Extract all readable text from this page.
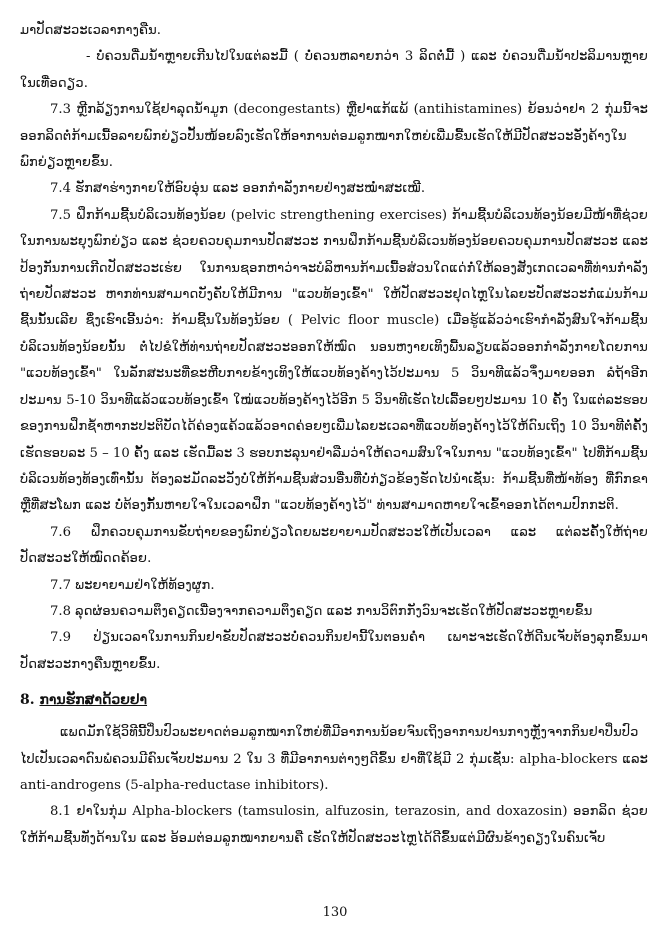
ມາປັດສະວະເວລາກາງຄືນ.

- ບໍ່ຄວນດື່ມນໍ້າຫຼາຍເກີນໄປໃນແຕ່ລະມື້ ( ບໍ່ຄວນຫລາຍກວ່າ 3 ລິດຕໍ່ມື້ ) ແລະ ບໍ່ຄວນດື່ມນໍ້າປະລິມານຫຼາຍໃນເທື່ອດຽວ.

7.3 ຫຼີກລ້ຽງການໃຊ້ຢາລຸດນໍ້າມູກ (decongestants) ຫຼືຢາແກ້ແພ້ (antihistamines) ຍ້ອນວ່າຢາ 2 ກຸ່ມນີ້ຈະອອກລິດຕໍ່ກ້າມເນື້ອລາຍພົກຍ່ຽວປັ້ນໜ້ອຍລົງເຮັດໃຫ້ອາການຕ່ອມລູກໝາກໃຫຍ່ເພີ່ມຂື້ນເຮັດໃຫ້ມີປັດສະວະອັ່ງຄ້າງໃນພົກຍ່ຽວຫຼາຍຂຶ້ນ.

7.4 ຮັກສາຮ່າງກາຍໃຫ້ອົບອຸ່ນ ແລະ ອອກກຳລັງກາຍຢ່າງສະໝໍ່າສະເໝີ.

7.5 ຝຶກກ້າມຊີ້ນບໍລິເວນທ້ອງນ້ອຍ (pelvic strengthening exercises) ກ້າມຊີ້ນບໍລິເວນທ້ອງນ້ອຍມີໜ້າທີ່ຊ່ວຍໃນການພະຍຸງພົກຍ່ຽວ ແລະ ຊ່ວຍຄວບຄຸມການປັດສະວະ ການຝຶກກ້າມຊີ້ນບໍລິເວນທ້ອງນ້ອຍຄວບຄຸມການປັດສະວະ ແລະ ປ້ອງກັນການເກີດປັດສະວະເຮ່ຍ ໃນການຊອກຫາວ່າຈະບໍລິຫານກ້າມເນື້ອສ່ວນໃດແດ່ກໍ່ໃຫ້ລອງສັງເກດເວລາທີ່ທ່ານກຳລັງຖ່າຍປັດສະວະ ຫາກທ່ານສາມາດບັງຄັບໃຫ້ມີການ "ແວບທ້ອງເຂົ້າ" ໃຫ້ປັດສະວະຢຸດໄຫຼໃນໄລຍະປັດສະວະກໍ່ແມ່ນກ້າມຊີ້ນນັ້ນເລີຍ ຊຶ່ງເຮົາເອີ້ນວ່າ: ກ້າມຊີ້ນໃນທ້ອງນ້ອຍ ( Pelvic floor muscle) ເມື່ອຮູ້ແລ້ວວ່າເຮົາກຳລັງສົນໃຈກ້າມຊີ້ນບໍລິເວນທ້ອງນ້ອຍນັ້ນ ຕໍ່ໄປຂໍໃຫ້ທ່ານຖ່າຍປັດສະວະອອກໃຫ້ໝົດ ນອນຫງາຍເທິງພື້ນລຽບແລ້ວອອກກຳລັງກາຍໂດຍການ "ແວບທ້ອງເຂົ້າ" ໃນລັກສະນະທີ່ຂະຫີບກາຍຂ້າງເທິງໃຫ້ແວບທ້ອງຄ້າງໄວ້ປະມານ 5 ວິນາທີແລ້ວຈຶ່ງມາຍອອກ ລໍຖ້າອີກປະມານ 5-10 ວິນາທີແລ້ວແວບທ້ອງເຂົ້າ ໃໝ່ແວບທ້ອງຄ້າງໄວ້ອີກ 5 ວິນາທີເຮັດໄປເລື້ອຍໆປະມານ 10 ຄັ້ງ ໃນແຕ່ລະຮອບຂອງການຝຶກຊ້ຳຫາກະປະຕິບັດໄດ້ຄ່ອງແຄ້ວແລ້ວອາດຄ່ອຍໆເພີ່ມໄລຍະເວລາທີ່ແວບທ້ອງຄ້າງໄວ້ໃຫ້ດົນເຖິງ 10 ວິນາທີຕໍ່ຄັ້ງເຮັດຮອບລະ 5 – 10 ຄັ້ງ ແລະ ເຮັດມື້ລະ 3 ຮອບກະລຸນາຢ່າລືມວ່າໃຫ້ຄວາມສົນໃຈໃນການ "ແວບທ້ອງເຂົ້າ" ໄປທີ່ກ້າມຊີ້ນບໍລິເວນທ້ອງທ້ອງເທົ່ານັ້ນ ຕ້ອງລະມັດລະວັງບໍ່ໃຫ້ກ້າມຊີ້ນສ່ວນອື່ນທີ່ບໍ່ກ່ຽວຂ້ອງຮັດໄປນຳເຊັ່ນ: ກ້າມຊີ້ນທີ່ໜ້າທ້ອງ ທີ່ກົກຂາ ຫຼືທີ່ສະໂພກ ແລະ ບໍ່ຕ້ອງກັ້ນຫາຍໃຈໃນເວລາຝຶກ "ແວບທ້ອງຄ້າງໄວ້" ທ່ານສາມາດຫາຍໃຈເຂົ້າອອກໄດ້ຕາມປົກກະຕິ.

7.6 ຝຶກຄວບຄຸມການຂັບຖ່າຍຂອງພົກຍ່ຽວໂດຍພະຍາຍາມປັດສະວະໃຫ້ເປັນເວລາ ແລະ ແຕ່ລະຄັ້ງໃຫ້ຖ່າຍປັດສະວະໃຫ້ໝົດດຄ້ອຍ.

7.7 ພະຍາຍາມຢ່າໃຫ້ທ້ອງຜູກ.

7.8 ລຸດຜ່ອນຄວາມຕຶງຄຽດເນື່ອງຈາກຄວາມຕຶງຄຽດ ແລະ ການວິຕົກກັງວົນຈະເຮັດໃຫ້ປັດສະວະຫຼາຍຂຶ້ນ

7.9 ປ່ຽນເວລາໃນການກິນຢາຂັບປັດສະວະບໍ່ຄວນກິນຢານີ້ໃນຕອນຄໍ່າ ເພາະຈະເຮັດໃຫ້ດີນເຈັບຕ້ອງລຸກຂຶ້ນມາປັດສະວະກາງຄືນຫຼາຍຂຶ້ນ.

8. ການຮັກສາດ້ວຍຢາ

ແພດມັກໃຊ້ວິທີນີ້ປິ່ນປົວພະຍາດຕ່ອມລູກໝາກໃຫຍ່ທີ່ມີອາການນ້ອຍຈົນເຖິງອາການປານກາງຫຼັງຈາກກິນຢາປິ່ນປົວໄປເປັນເວລາດົນພໍຄວນມີຄົນເຈັບປະມານ 2 ໃນ 3 ທີ່ມີອາການຕ່າງໆດີຂຶ້ນ ຢາທີ່ໃຊ້ມີ 2 ກຸ່ມເຊັ່ນ: alpha-blockers ແລະ anti-androgens (5-alpha-reductase inhibitors).

8.1 ຢາໃນກຸ່ມ Alpha-blockers (tamsulosin, alfuzosin, terazosin, and doxazosin) ອອກລິດ ຊ່ວຍໃຫ້ກ້າມຊີ້ນທັງດ້ານໃນ ແລະ ອ້ອມຕ່ອມລູກໝາກຍານຄື ເຮັດໃຫ້ປັດສະວະໄຫຼໄດ້ດີຂຶ້ນແຕ່ມີຜົນຂ້າງຄຽງໃນຄົນເຈັບ

130
